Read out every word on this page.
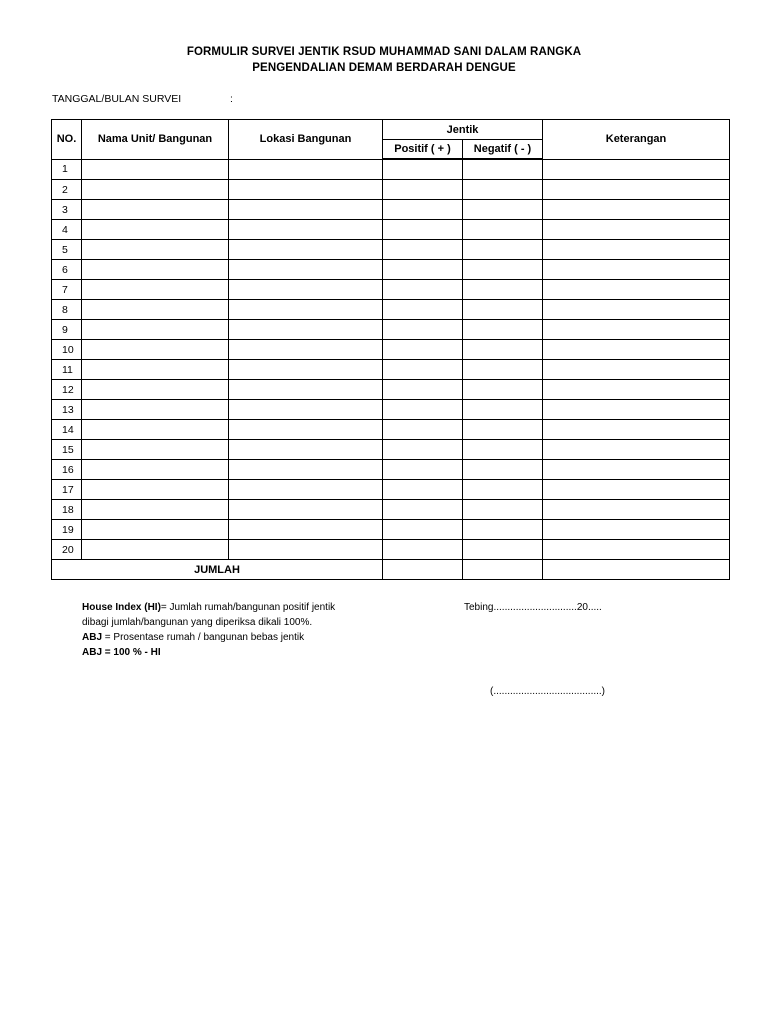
FORMULIR SURVEI JENTIK RSUD MUHAMMAD SANI DALAM RANGKA
PENGENDALIAN DEMAM BERDARAH DENGUE
TANGGAL/BULAN SURVEI	:
NO.	Nama Unit/ Bangunan	Lokasi Bangunan	Jentik		Keterangan
			Positif ( + )	Negatif ( - )	
1					
2					
3					
4					
5					
6					
7					
8					
9					
10					
11					
12					
13					
14					
15					
16					
17					
18					
19					
20					
JUMLAH					
House Index (HI)= Jumlah rumah/bangunan positif jentik
dibagi jumlah/bangunan yang diperiksa dikali 100%.
ABJ = Prosentase rumah / bangunan bebas jentik
ABJ = 100 % - HI
Tebing..............................20.....
(.......................................)
